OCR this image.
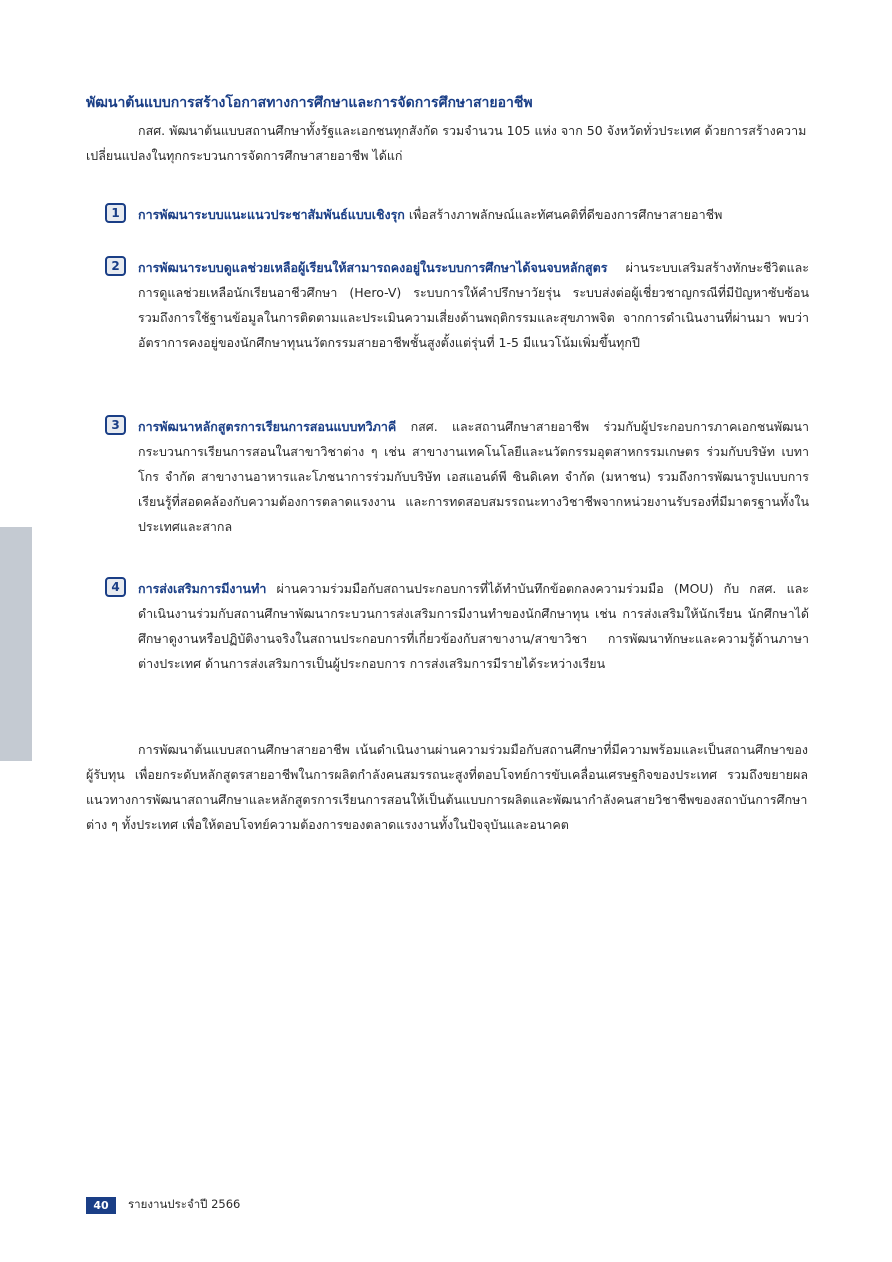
พัฒนาต้นแบบการสร้างโอกาสทางการศึกษาและการจัดการศึกษาสายอาชีพ

กสศ. พัฒนาต้นแบบสถานศึกษาทั้งรัฐและเอกชนทุกสังกัด รวมจำนวน 105 แห่ง จาก 50 จังหวัดทั่วประเทศ ด้วยการสร้างความเปลี่ยนแปลงในทุกกระบวนการจัดการศึกษาสายอาชีพ ได้แก่

1	การพัฒนาระบบแนะแนวประชาสัมพันธ์แบบเชิงรุก เพื่อสร้างภาพลักษณ์และทัศนคติที่ดีของการศึกษาสายอาชีพ

2	การพัฒนาระบบดูแลช่วยเหลือผู้เรียนให้สามารถคงอยู่ในระบบการศึกษาได้จนจบหลักสูตร ผ่านระบบเสริมสร้างทักษะชีวิตและการดูแลช่วยเหลือนักเรียนอาชีวศึกษา (Hero-V) ระบบการให้คำปรึกษาวัยรุ่น ระบบส่งต่อผู้เชี่ยวชาญกรณีที่มีปัญหาซับซ้อน รวมถึงการใช้ฐานข้อมูลในการติดตามและประเมินความเสี่ยงด้านพฤติกรรมและสุขภาพจิต จากการดำเนินงานที่ผ่านมา พบว่า อัตราการคงอยู่ของนักศึกษาทุนนวัตกรรมสายอาชีพชั้นสูงตั้งแต่รุ่นที่ 1-5 มีแนวโน้มเพิ่มขึ้นทุกปี

3	การพัฒนาหลักสูตรการเรียนการสอนแบบทวิภาคี กสศ. และสถานศึกษาสายอาชีพ ร่วมกับผู้ประกอบการภาคเอกชนพัฒนากระบวนการเรียนการสอนในสาขาวิชาต่าง ๆ เช่น สาขางานเทคโนโลยีและนวัตกรรมอุตสาหกรรมเกษตร ร่วมกับบริษัท เบทาโกร จำกัด สาขางานอาหารและโภชนาการร่วมกับบริษัท เอสแอนด์พี ซินดิเคท จำกัด (มหาชน) รวมถึงการพัฒนารูปแบบการเรียนรู้ที่สอดคล้องกับความต้องการตลาดแรงงาน และการทดสอบสมรรถนะทางวิชาชีพจากหน่วยงานรับรองที่มีมาตรฐานทั้งในประเทศและสากล

4	การส่งเสริมการมีงานทำ ผ่านความร่วมมือกับสถานประกอบการที่ได้ทำบันทึกข้อตกลงความร่วมมือ (MOU) กับ กสศ. และดำเนินงานร่วมกับสถานศึกษาพัฒนากระบวนการส่งเสริมการมีงานทำของนักศึกษาทุน เช่น การส่งเสริมให้นักเรียน นักศึกษาได้ศึกษาดูงานหรือปฏิบัติงานจริงในสถานประกอบการที่เกี่ยวข้องกับสาขางาน/สาขาวิชา การพัฒนาทักษะและความรู้ด้านภาษาต่างประเทศ ด้านการส่งเสริมการเป็นผู้ประกอบการ การส่งเสริมการมีรายได้ระหว่างเรียน

การพัฒนาต้นแบบสถานศึกษาสายอาชีพ เน้นดำเนินงานผ่านความร่วมมือกับสถานศึกษาที่มีความพร้อมและเป็นสถานศึกษาของผู้รับทุน เพื่อยกระดับหลักสูตรสายอาชีพในการผลิตกำลังคนสมรรถนะสูงที่ตอบโจทย์การขับเคลื่อนเศรษฐกิจของประเทศ รวมถึงขยายผลแนวทางการพัฒนาสถานศึกษาและหลักสูตรการเรียนการสอนให้เป็นต้นแบบการผลิตและพัฒนากำลังคนสายวิชาชีพของสถาบันการศึกษาต่าง ๆ ทั้งประเทศ เพื่อให้ตอบโจทย์ความต้องการของตลาดแรงงานทั้งในปัจจุบันและอนาคต

40	รายงานประจำปี 2566
